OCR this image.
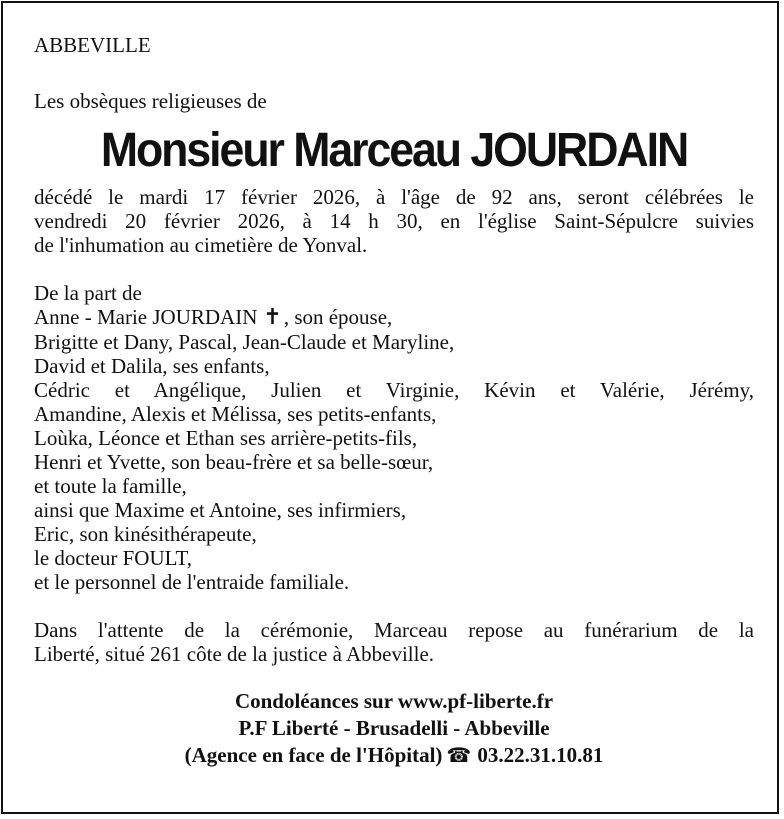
ABBEVILLE
Les obsèques religieuses de
Monsieur Marceau JOURDAIN
décédé le mardi 17 février 2026, à l'âge de 92 ans, seront célébrées le
vendredi 20 février 2026, à 14 h 30, en l'église Saint-Sépulcre suivies
de l'inhumation au cimetière de Yonval.
De la part de
Anne - Marie JOURDAIN ✝, son épouse,
Brigitte et Dany, Pascal, Jean-Claude et Maryline,
David et Dalila, ses enfants,
Cédric et Angélique, Julien et Virginie, Kévin et Valérie, Jérémy,
Amandine, Alexis et Mélissa, ses petits-enfants,
Loùka, Léonce et Ethan ses arrière-petits-fils,
Henri et Yvette, son beau-frère et sa belle-sœur,
et toute la famille,
ainsi que Maxime et Antoine, ses infirmiers,
Eric, son kinésithérapeute,
le docteur FOULT,
et le personnel de l'entraide familiale.
Dans l'attente de la cérémonie, Marceau repose au funérarium de la
Liberté, situé 261 côte de la justice à Abbeville.
Condoléances sur www.pf-liberte.fr
P.F Liberté - Brusadelli - Abbeville
(Agence en face de l'Hôpital) ☎ 03.22.31.10.81
